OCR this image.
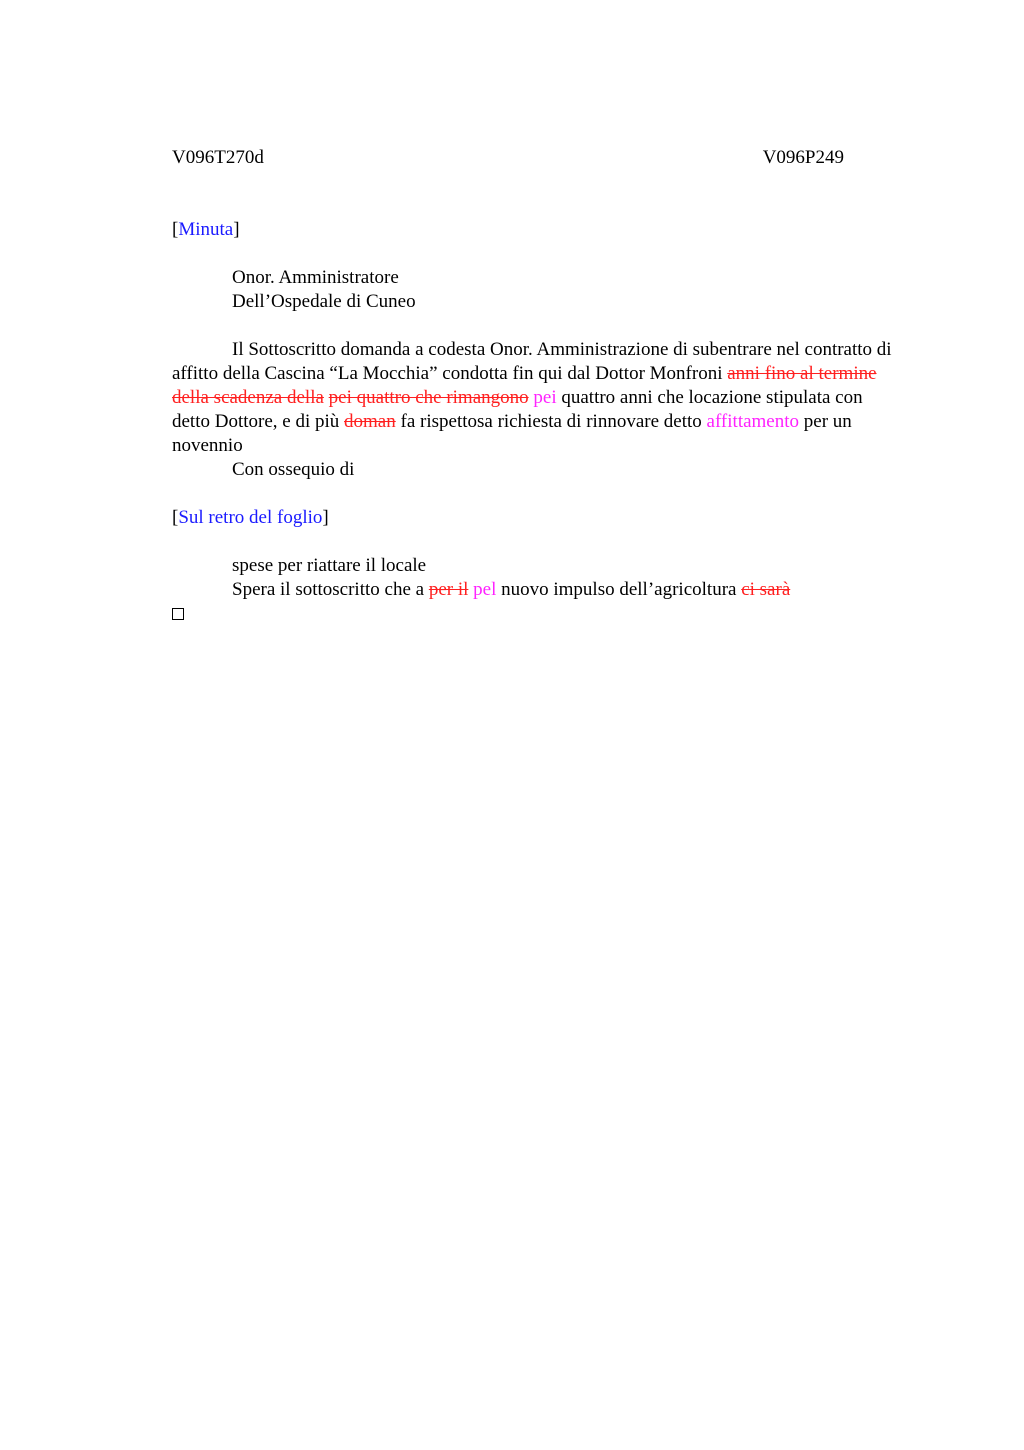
V096T270d	V096P249

[Minuta]

Onor. Amministratore

Dell’Ospedale di Cuneo

Il Sottoscritto domanda a codesta Onor. Amministrazione di subentrare nel contratto di affitto della Cascina “La Mocchia” condotta fin qui dal Dottor Monfroni anni fino al termine della scadenza della pei quattro che rimangono pei quattro anni che locazione stipulata con detto Dottore, e di più doman fa rispettosa richiesta di rinnovare detto affittamento per un novennio

Con ossequio di

[Sul retro del foglio]

spese per riattare il locale

Spera il sottoscritto che a per il pel nuovo impulso dell’agricoltura ci sarà
